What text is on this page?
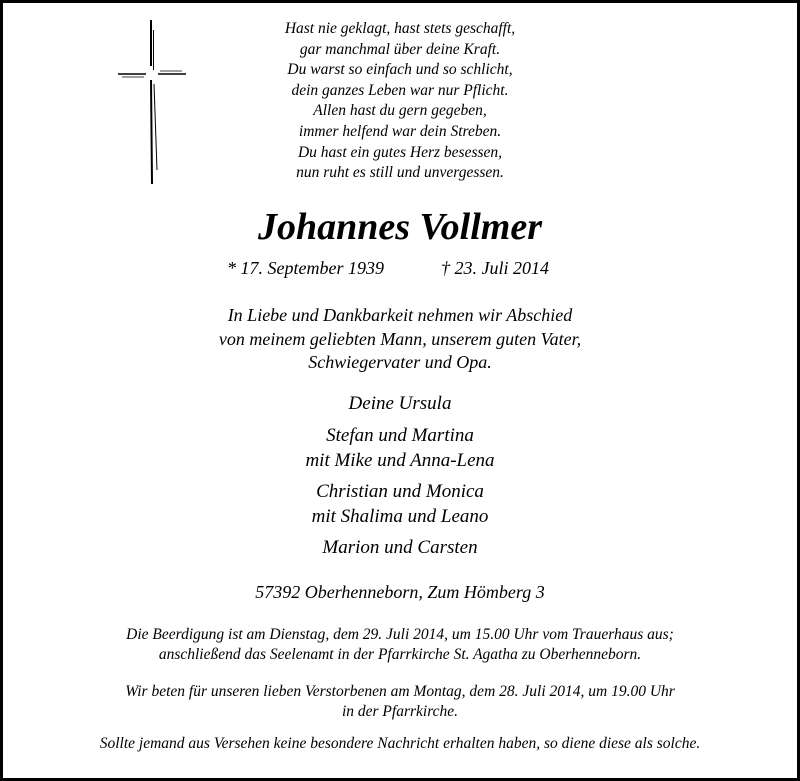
Hast nie geklagt, hast stets geschafft,
gar manchmal über deine Kraft.
Du warst so einfach und so schlicht,
dein ganzes Leben war nur Pflicht.
Allen hast du gern gegeben,
immer helfend war dein Streben.
Du hast ein gutes Herz besessen,
nun ruht es still und unvergessen.
Johannes Vollmer
* 17. September 1939	† 23. Juli 2014
In Liebe und Dankbarkeit nehmen wir Abschied
von meinem geliebten Mann, unserem guten Vater,
Schwiegervater und Opa.
Deine Ursula
Stefan und Martina
mit Mike und Anna-Lena
Christian und Monica
mit Shalima und Leano
Marion und Carsten
57392 Oberhenneborn, Zum Hömberg 3
Die Beerdigung ist am Dienstag, dem 29. Juli 2014, um 15.00 Uhr vom Trauerhaus aus;
anschließend das Seelenamt in der Pfarrkirche St. Agatha zu Oberhenneborn.
Wir beten für unseren lieben Verstorbenen am Montag, dem 28. Juli 2014, um 19.00 Uhr
in der Pfarrkirche.
Sollte jemand aus Versehen keine besondere Nachricht erhalten haben, so diene diese als solche.
